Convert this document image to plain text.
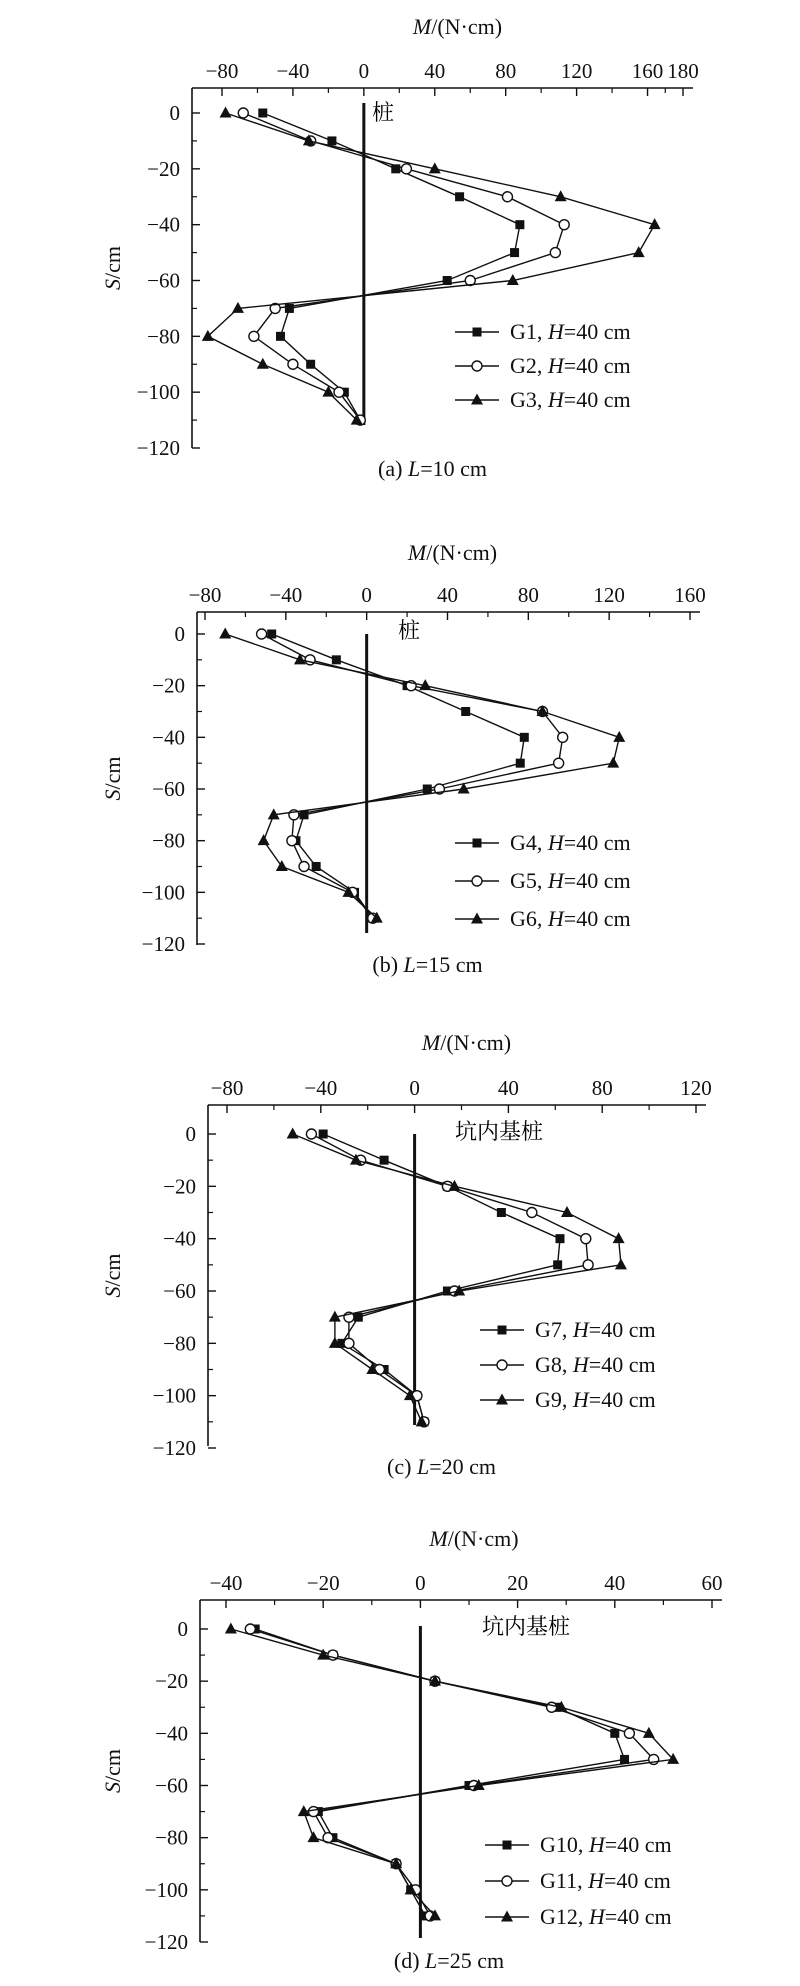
−80 −40 0	40 80 120 160 180
0
−20
−40
−60
−80
−100
−120
M/(N·cm)
S/cm
桩
G1, H=40 cm
G2, H=40 cm
G3, H=40 cm
(a) L=10 cm
−80 −40	0	40	80	120 160
0
−20
−40
−60
−80
−100
−120
M/(N·cm)
S/cm
桩
G4, H=40 cm
G5, H=40 cm
G6, H=40 cm
(b) L=15 cm
−80	−40	0	40	80	120
0
−20
−40
−60
−80
−100
−120
M/(N·cm)
S/cm
坑内基桩
G7, H=40 cm
G8, H=40 cm
G9, H=40 cm
(c) L=20 cm
−40	−20	0	20	40	60
0
−20
−40
−60
−80
−100
−120
M/(N·cm)
S/cm
坑内基桩
G10, H=40 cm
G11, H=40 cm
G12, H=40 cm
(d) L=25 cm
